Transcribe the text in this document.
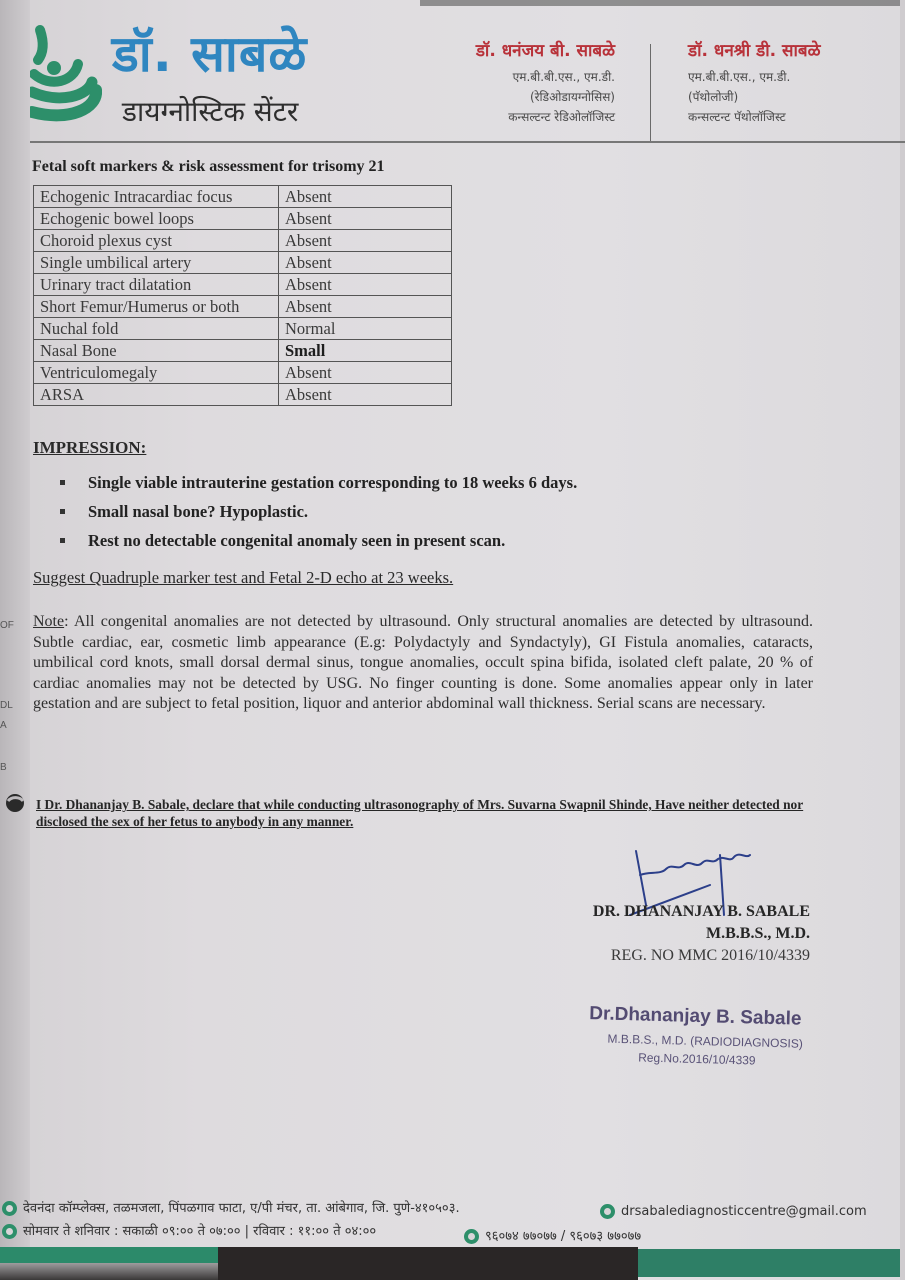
डॉ. साबळे
डायग्नोस्टिक सेंटर
डॉ. धनंजय बी. साबळे
एम.बी.बी.एस., एम.डी.
(रेडिओडायग्नोसिस)
कन्सल्टन्ट रेडिओलॉजिस्ट
डॉ. धनश्री डी. साबळे
एम.बी.बी.एस., एम.डी.
(पॅथोलोजी)
कन्सल्टन्ट पॅथोलॉजिस्ट
Fetal soft markers & risk assessment for trisomy 21
Echogenic Intracardiac focus	Absent
Echogenic bowel loops	Absent
Choroid plexus cyst	Absent
Single umbilical artery	Absent
Urinary tract dilatation	Absent
Short Femur/Humerus or both	Absent
Nuchal fold	Normal
Nasal Bone	Small
Ventriculomegaly	Absent
ARSA	Absent
IMPRESSION:
Single viable intrauterine gestation corresponding to 18 weeks 6 days.
Small nasal bone? Hypoplastic.
Rest no detectable congenital anomaly seen in present scan.
Suggest Quadruple marker test and Fetal 2-D echo at 23 weeks.
Note: All congenital anomalies are not detected by ultrasound. Only structural anomalies are detected by ultrasound. Subtle cardiac, ear, cosmetic limb appearance (E.g: Polydactyly and Syndactyly), GI Fistula anomalies, cataracts, umbilical cord knots, small dorsal dermal sinus, tongue anomalies, occult spina bifida, isolated cleft palate, 20 % of cardiac anomalies may not be detected by USG. No finger counting is done. Some anomalies appear only in later gestation and are subject to fetal position, liquor and anterior abdominal wall thickness. Serial scans are necessary.
OF
DL
A
B
I Dr. Dhananjay B. Sabale, declare that while conducting ultrasonography of Mrs. Suvarna Swapnil Shinde, Have neither detected nor disclosed the sex of her fetus to anybody in any manner.
DR. DHANANJAY B. SABALE
M.B.B.S., M.D.
REG. NO MMC 2016/10/4339
Dr.Dhananjay B. Sabale
M.B.B.S., M.D. (RADIODIAGNOSIS)
Reg.No.2016/10/4339
देवनंदा कॉम्प्लेक्स, तळमजला, पिंपळगाव फाटा, ए/पी मंचर, ता. आंबेगाव, जि. पुणे-४१०५०३.	drsabalediagnosticcentre@gmail.com
सोमवार ते शनिवार : सकाळी ०९:०० ते ०७:०० | रविवार : ११:०० ते ०४:००	९६०७४ ७७०७७ / ९६०७३ ७७०७७
